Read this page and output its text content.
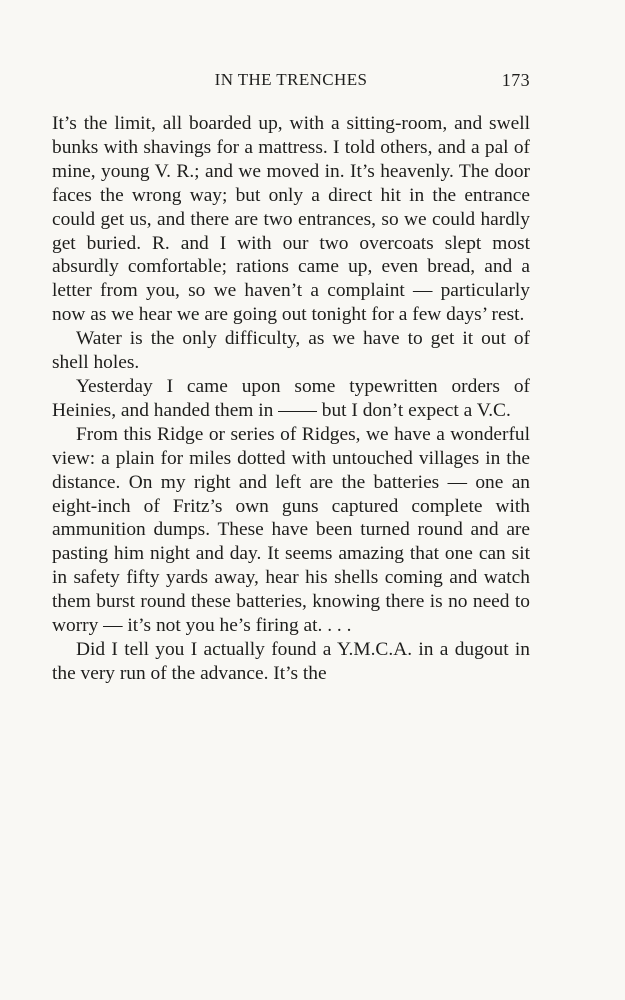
IN THE TRENCHES	173

It’s the limit, all boarded up, with a sitting-room, and swell bunks with shavings for a mattress. I told others, and a pal of mine, young V. R.; and we moved in. It’s heavenly. The door faces the wrong way; but only a direct hit in the entrance could get us, and there are two entrances, so we could hardly get buried. R. and I with our two overcoats slept most absurdly comfortable; rations came up, even bread, and a letter from you, so we haven’t a complaint — particularly now as we hear we are going out tonight for a few days’ rest.

Water is the only difficulty, as we have to get it out of shell holes.

Yesterday I came upon some typewritten orders of Heinies, and handed them in —— but I don’t expect a V.C.

From this Ridge or series of Ridges, we have a wonderful view: a plain for miles dotted with untouched villages in the distance. On my right and left are the batteries — one an eight-inch of Fritz’s own guns captured complete with ammunition dumps. These have been turned round and are pasting him night and day. It seems amazing that one can sit in safety fifty yards away, hear his shells coming and watch them burst round these batteries, knowing there is no need to worry — it’s not you he’s firing at. . . .

Did I tell you I actually found a Y.M.C.A. in a dugout in the very run of the advance. It’s the
